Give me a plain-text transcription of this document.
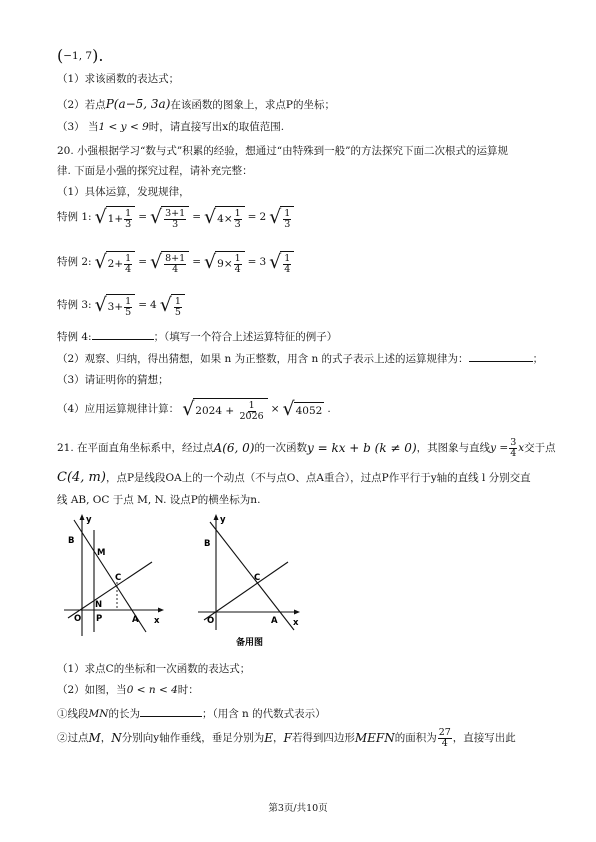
(−1, 7).
（1）求该函数的表达式；
（2）若点P(a−5, 3a)在该函数的图象上，求点P的坐标；
（3） 当1 < y < 9时，请直接写出x的取值范围.
20. 小强根据学习“数与式”积累的经验，想通过“由特殊到一般”的方法探究下面二次根式的运算规
律. 下面是小强的探究过程，请补充完整：
（1）具体运算，发现规律，
特例 1: √ $1 + \frac{1}{3}$ = √ $\frac{3+1}{3}$ = √ $4 \times \frac{1}{3} = 2$ √ $\frac{1}{3}$
特例 2: √ $2 + \frac{1}{4}$ = √ $\frac{8+1}{4}$ = √ $9 \times \frac{1}{4} = 3$ √ $\frac{1}{4}$
特例 3: √ $3 + \frac{1}{5} = 4$ √ $\frac{1}{5}$
特例 4:	；（填写一个符合上述运算特征的例子）
（2）观察、归纳，得出猜想，如果 n 为正整数，用含 n 的式子表示上述的运算规律为：	；
（3）请证明你的猜想；
（4）应用运算规律计算： √ 2024 +
$\frac{1}{2026}$ × √ 4052 .
21. 在平面直角坐标系中，经过点 A(6, 0) 的一次函数 y = kx + b (k ≠ 0) ，其图象与直线 $y = \frac{3}{4}$ x 交于点
C(4, m)，点P是线段OA上的一个动点（不与点O、点A重合），过点P作平行于y轴的直线 l 分别交直
线 AB, OC 于点 M, N. 设点P的横坐标为n.
y
B
M
C
N
O P	A x
y
B
C
O	A x
备用图
（1）求点C的坐标和一次函数的表达式；
（2）如图，当0 < n < 4时：
①线段MN的长为	；（用含 n 的代数式表示）
②过点 M ， N 分别向y轴作垂线，垂足分别为 E ， F 若得到四边形 MEFN 的面积为 $\frac{27}{4}$ ，直接写出此
第3页/共10页
